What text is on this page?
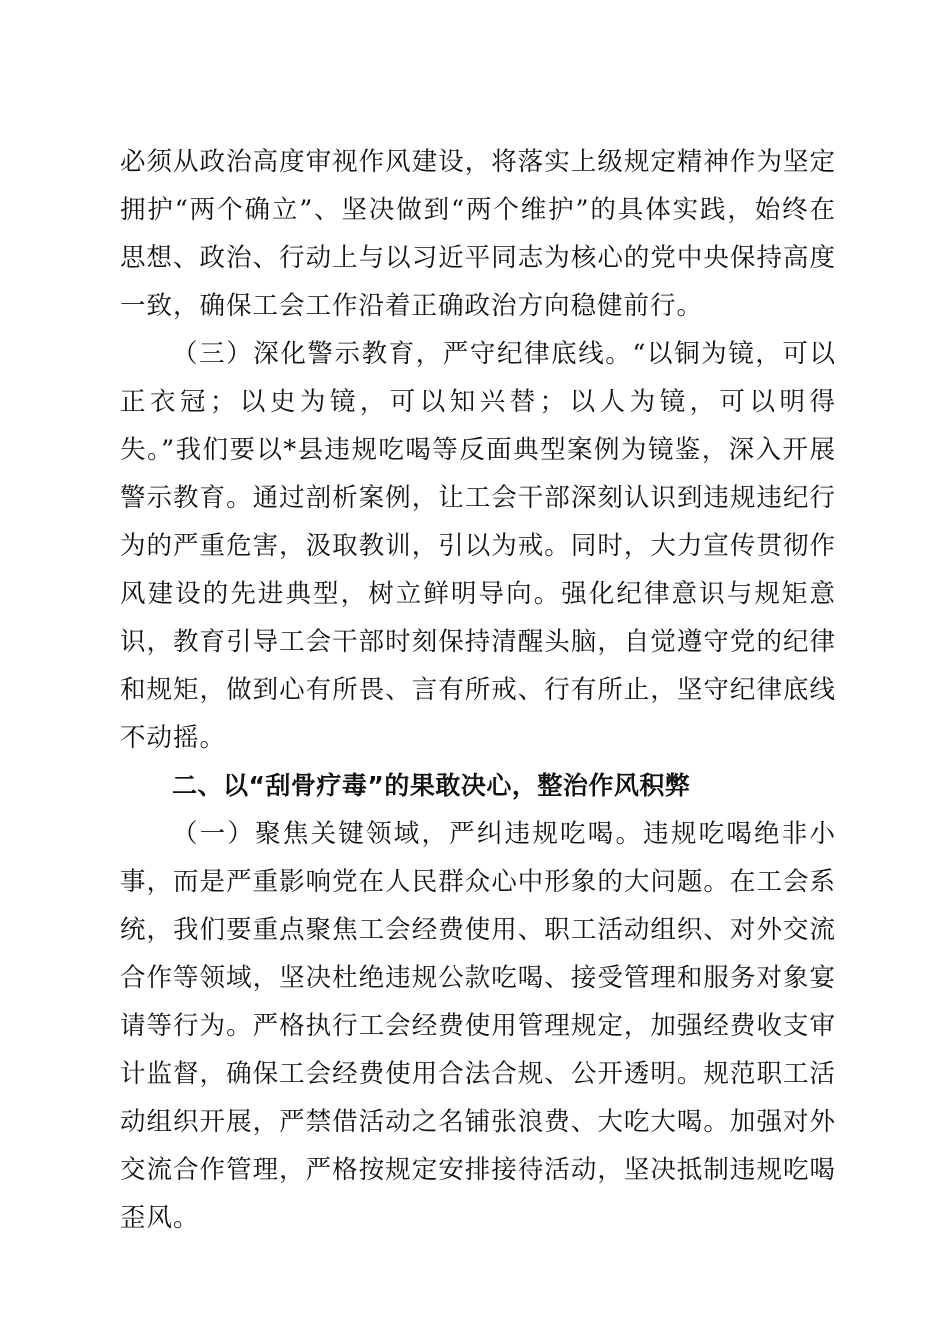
必须从政治高度审视作风建设，将落实上级规定精神作为坚定拥护“两个确立”、坚决做到“两个维护”的具体实践，始终在思想、政治、行动上与以习近平同志为核心的党中央保持高度一致，确保工会工作沿着正确政治方向稳健前行。

（三）深化警示教育，严守纪律底线。“以铜为镜，可以正衣冠；以史为镜，可以知兴替；以人为镜，可以明得失。”我们要以*县违规吃喝等反面典型案例为镜鉴，深入开展警示教育。通过剖析案例，让工会干部深刻认识到违规违纪行为的严重危害，汲取教训，引以为戒。同时，大力宣传贯彻作风建设的先进典型，树立鲜明导向。强化纪律意识与规矩意识，教育引导工会干部时刻保持清醒头脑，自觉遵守党的纪律和规矩，做到心有所畏、言有所戒、行有所止，坚守纪律底线不动摇。

二、以“刮骨疗毒”的果敢决心，整治作风积弊

（一）聚焦关键领域，严纠违规吃喝。违规吃喝绝非小事，而是严重影响党在人民群众心中形象的大问题。在工会系统，我们要重点聚焦工会经费使用、职工活动组织、对外交流合作等领域，坚决杜绝违规公款吃喝、接受管理和服务对象宴请等行为。严格执行工会经费使用管理规定，加强经费收支审计监督，确保工会经费使用合法合规、公开透明。规范职工活动组织开展，严禁借活动之名铺张浪费、大吃大喝。加强对外交流合作管理，严格按规定安排接待活动，坚决抵制违规吃喝歪风。
